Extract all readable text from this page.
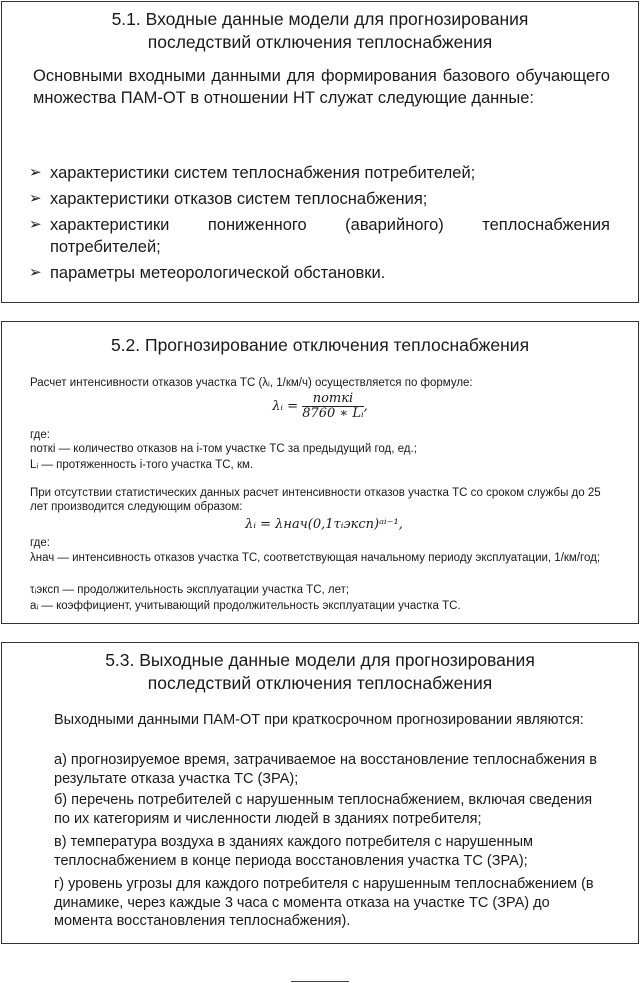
5.1. Входные данные модели для прогнозирования
последствий отключения теплоснабжения
Основными входными данными для формирования базового обучающего множества ПАМ-ОТ в отношении НТ служат следующие данные:
➢ характеристики систем теплоснабжения потребителей;
➢ характеристики отказов систем теплоснабжения;
➢ характеристики пониженного (аварийного) теплоснабжения потребителей;
➢ параметры метеорологической обстановки.
5.2. Прогнозирование отключения теплоснабжения
Расчет интенсивности отказов участка ТС (λᵢ, 1/км/ч) осуществляется по формуле:
λᵢ = $\frac{\text{nоткі}}{\text{8760 ∗ Lᵢ}}$ ,
где:
nоткі — количество отказов на i-том участке ТС за предыдущий год, ед.;
Lᵢ — протяженность i-того участка ТС, км.
При отсутствии статистических данных расчет интенсивности отказов участка ТС со сроком службы до 25 лет производится следующим образом:
λᵢ = λнач(0,1τᵢэксп)ᵃⁱ⁻¹,
где:
λнач — интенсивность отказов участка ТС, соответствующая начальному периоду эксплуатации, 1/км/год;
τᵢэксп — продолжительность эксплуатации участка ТС, лет;
aᵢ — коэффициент, учитывающий продолжительность эксплуатации участка ТС.
5.3. Выходные данные модели для прогнозирования
последствий отключения теплоснабжения
Выходными данными ПАМ-ОТ при краткосрочном прогнозировании являются:
а) прогнозируемое время, затрачиваемое на восстановление теплоснабжения в результате отказа участка ТС (ЗРА);
б) перечень потребителей с нарушенным теплоснабжением, включая сведения по их категориям и численности людей в зданиях потребителя;
в) температура воздуха в зданиях каждого потребителя с нарушенным теплоснабжением в конце периода восстановления участка ТС (ЗРА);
г) уровень угрозы для каждого потребителя с нарушенным теплоснабжением (в динамике, через каждые 3 часа с момента отказа на участке ТС (ЗРА) до момента восстановления теплоснабжения).
